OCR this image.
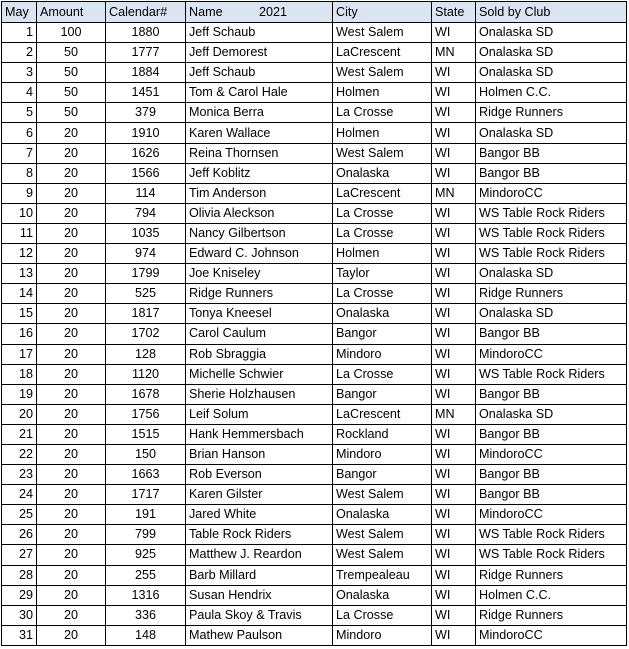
May	Amount	Calendar#	Name 2021	City	State	Sold by Club
1	100	1880	Jeff Schaub	West Salem	WI	Onalaska SD
2	50	1777	Jeff Demorest	LaCrescent	MN	Onalaska SD
3	50	1884	Jeff Schaub	West Salem	WI	Onalaska SD
4	50	1451	Tom & Carol Hale	Holmen	WI	Holmen C.C.
5	50	379	Monica Berra	La Crosse	WI	Ridge Runners
6	20	1910	Karen Wallace	Holmen	WI	Onalaska SD
7	20	1626	Reina Thornsen	West Salem	WI	Bangor BB
8	20	1566	Jeff Koblitz	Onalaska	WI	Bangor BB
9	20	114	Tim Anderson	LaCrescent	MN	MindoroCC
10	20	794	Olivia Aleckson	La Crosse	WI	WS Table Rock Riders
11	20	1035	Nancy Gilbertson	La Crosse	WI	WS Table Rock Riders
12	20	974	Edward C. Johnson	Holmen	WI	WS Table Rock Riders
13	20	1799	Joe Kniseley	Taylor	WI	Onalaska SD
14	20	525	Ridge Runners	La Crosse	WI	Ridge Runners
15	20	1817	Tonya Kneesel	Onalaska	WI	Onalaska SD
16	20	1702	Carol Caulum	Bangor	WI	Bangor BB
17	20	128	Rob Sbraggia	Mindoro	WI	MindoroCC
18	20	1120	Michelle Schwier	La Crosse	WI	WS Table Rock Riders
19	20	1678	Sherie Holzhausen	Bangor	WI	Bangor BB
20	20	1756	Leif Solum	LaCrescent	MN	Onalaska SD
21	20	1515	Hank Hemmersbach	Rockland	WI	Bangor BB
22	20	150	Brian Hanson	Mindoro	WI	MindoroCC
23	20	1663	Rob Everson	Bangor	WI	Bangor BB
24	20	1717	Karen Gilster	West Salem	WI	Bangor BB
25	20	191	Jared White	Onalaska	WI	MindoroCC
26	20	799	Table Rock Riders	West Salem	WI	WS Table Rock Riders
27	20	925	Matthew J. Reardon	West Salem	WI	WS Table Rock Riders
28	20	255	Barb Millard	Trempealeau	WI	Ridge Runners
29	20	1316	Susan Hendrix	Onalaska	WI	Holmen C.C.
30	20	336	Paula Skoy & Travis	La Crosse	WI	Ridge Runners
31	20	148	Mathew Paulson	Mindoro	WI	MindoroCC
